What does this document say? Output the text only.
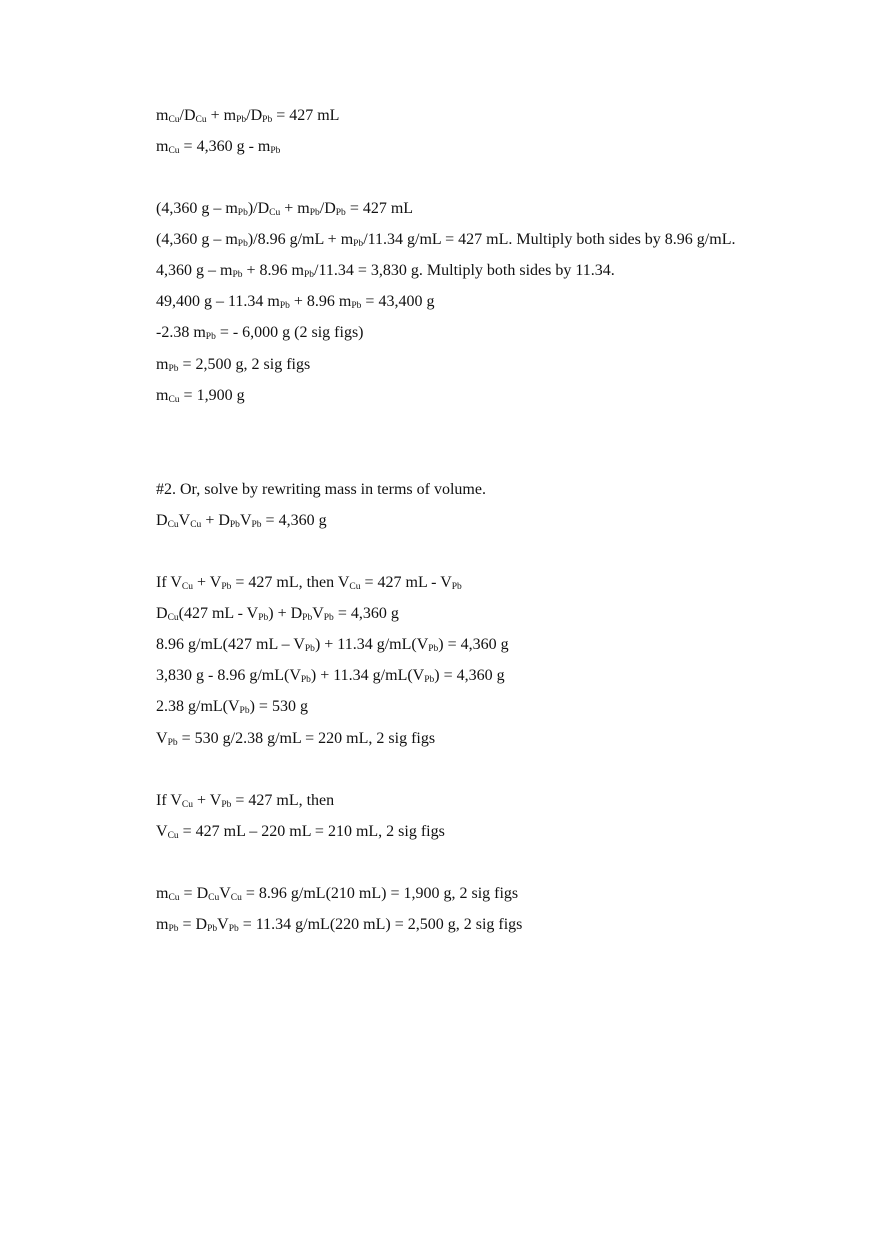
$m_{Cu}/D_{Cu} + m_{Pb}/D_{Pb} = 427$ mL
$m_{Cu} = 4,360$ g - $m_{Pb}$
(4,360 $g - m_{Pb})/D_{Cu} + m_{Pb}/D_{Pb} = 427$ mL
(4,360 g – $m_{Pb})/8.96$ $g/mL + m_{Pb}/11.34$ g/mL = 427 mL. Multiply both sides by 8.96 g/mL.
4,360 $g - m_{Pb} + 8.96$ $m_{Pb}/11.34 = 3,830$ g. Multiply both sides by 11.34.
49,400 g – 11.34 $m_{Pb} + 8.96$ $m_{Pb} = 43,400$ g
-2.38 $m_{Pb}$ = - 6,000 g (2 sig figs)
$m_{Pb} = 2,500$ g, 2 sig figs
$m_{Cu} = 1,900$ g
#2. Or, solve by rewriting mass in terms of volume.
$D_{Cu}V_{Cu} + D_{Pb}V_{Pb} = 4,360$ g
If $V_{Cu} + V_{Pb} = 427$ mL, then $V_{Cu} = 427$ mL - $V_{Pb}$
$D_{Cu}(427$ mL - $V_{Pb}) + D_{Pb}V_{Pb} = 4,360$ g
8.96 g/mL(427 mL – $V_{Pb}) + 11.34$ $g/mL(V_{Pb}) = 4,360$ g
3,830 g - 8.96 $g/mL(V_{Pb}) + 11.34$ $g/mL(V_{Pb}) = 4,360$ g
2.38 $g/mL(V_{Pb}) = 530$ g
$V_{Pb} = 530$ g/2.38 g/mL = 220 mL, 2 sig figs
If $V_{Cu} + V_{Pb} = 427$ mL, then
$V_{Cu} = 427$ mL – 220 mL = 210 mL, 2 sig figs
$m_{Cu} = D_{Cu}V_{Cu} = 8.96$ g/mL(210 mL) = 1,900 g, 2 sig figs
$m_{Pb} = D_{Pb}V_{Pb} = 11.34$ g/mL(220 mL) = 2,500 g, 2 sig figs
